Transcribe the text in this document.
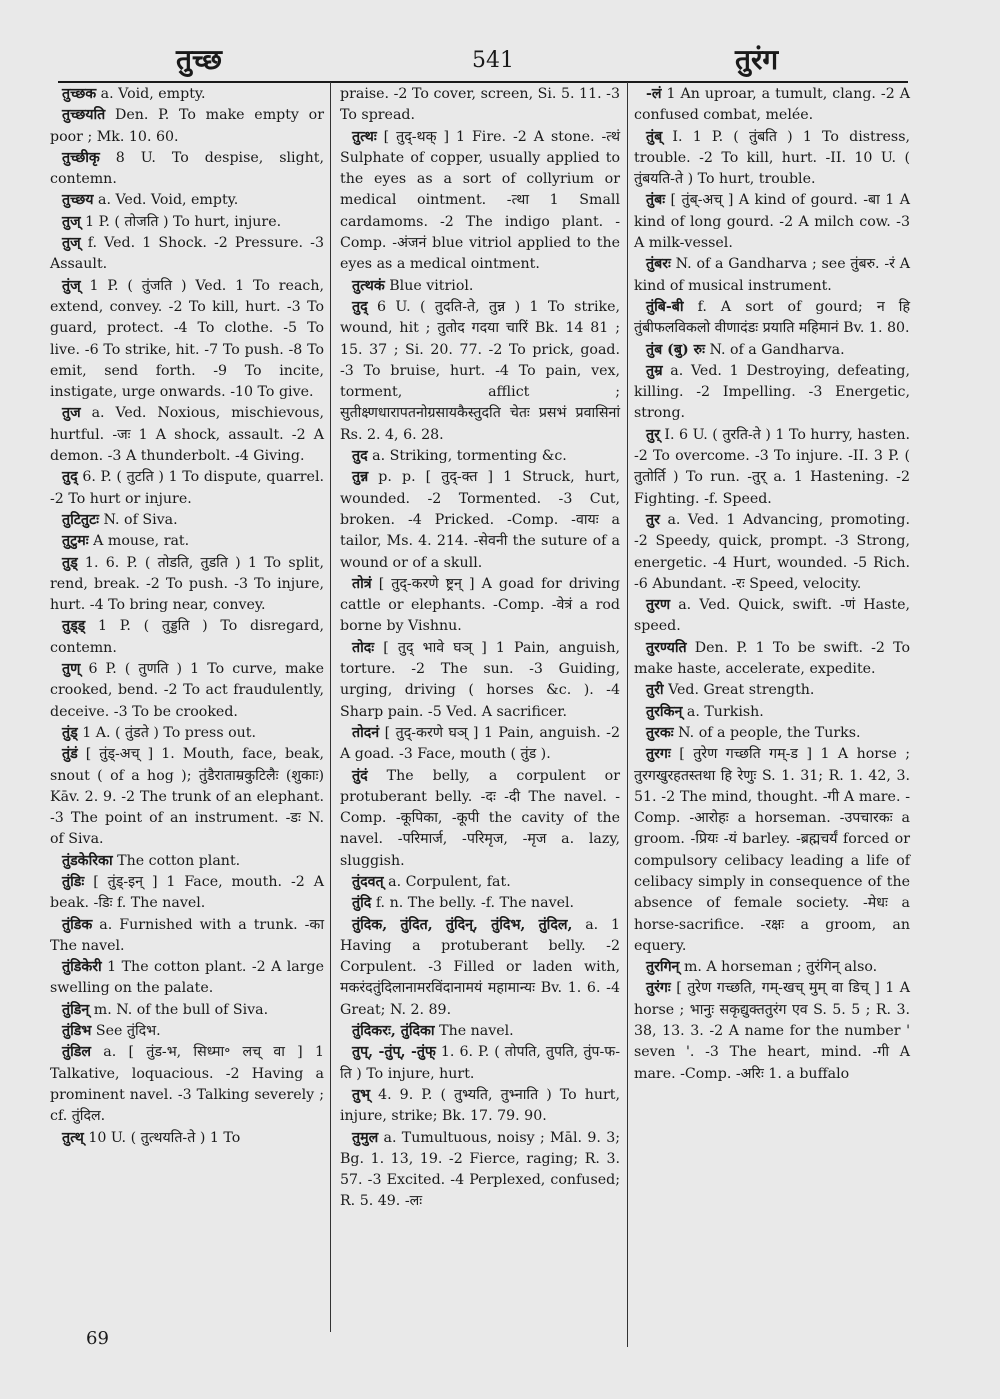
तुच्छ	541	तुरंग

तुच्छक a. Void, empty.

तुच्छयति Den. P. To make empty or poor ; Mk. 10. 60.

तुच्छीकृ 8 U. To despise, slight, contemn.

तुच्छय a. Ved. Void, empty.

तुज् 1 P. ( तोजति ) To hurt, injure.

तुज् f. Ved. 1 Shock. -2 Pressure. -3 Assault.

तुंज् 1 P. ( तुंजति ) Ved. 1 To reach, extend, convey. -2 To kill, hurt. -3 To guard, protect. -4 To clothe. -5 To live. -6 To strike, hit. -7 To push. -8 To emit, send forth. -9 To incite, instigate, urge onwards. -10 To give.

तुज a. Ved. Noxious, mischievous, hurtful. -जः 1 A shock, assault. -2 A demon. -3 A thunderbolt. -4 Giving.

तुद् 6. P. ( तुटति ) 1 To dispute, quarrel. -2 To hurt or injure.

तुटितुटः N. of Siva.

तुटुमः A mouse, rat.

तुड् 1. 6. P. ( तोडति, तुडति ) 1 To split, rend, break. -2 To push. -3 To injure, hurt. -4 To bring near, convey.

तुड्ड् 1 P. ( तुड्डति ) To disregard, contemn.

तुण् 6 P. ( तुणति ) 1 To curve, make crooked, bend. -2 To act fraudulently, deceive. -3 To be crooked.

तुंड् 1 A. ( तुंडते ) To press out.

तुंडं [ तुंड्-अच् ] 1. Mouth, face, beak, snout ( of a hog ); तुंडैराताम्रकुटिलैः (शुकाः) Kāv. 2. 9. -2 The trunk of an elephant. -3 The point of an instrument. -डः N. of Siva.

तुंडकेरिका The cotton plant.

तुंडिः [ तुंड्-इन् ] 1 Face, mouth. -2 A beak. -डिः f. The navel.

तुंडिक a. Furnished with a trunk. -का The navel.

तुंडिकेरी 1 The cotton plant. -2 A large swelling on the palate.

तुंडिन् m. N. of the bull of Siva.

तुंडिभ See तुंदिभ.

तुंडिल a. [ तुंड-भ, सिध्मा॰ लच् वा ] 1 Talkative, loquacious. -2 Having a prominent navel. -3 Talking severely ; cf. तुंदिल.

तुत्थ् 10 U. ( तुत्थयति-ते ) 1 To

praise. -2 To cover, screen, Si. 5. 11. -3 To spread.

तुत्थः [ तुद्-थक् ] 1 Fire. -2 A stone. -त्थं Sulphate of copper, usually applied to the eyes as a sort of collyrium or medical ointment. -त्था 1 Small cardamoms. -2 The indigo plant. -Comp. -अंजनं blue vitriol applied to the eyes as a medical ointment.

तुत्थकं Blue vitriol.

तुद् 6 U. ( तुदति-ते, तुन्न ) 1 To strike, wound, hit ; तुतोद गदया चारिं Bk. 14 81 ; 15. 37 ; Si. 20. 77. -2 To prick, goad. -3 To bruise, hurt. -4 To pain, vex, torment, afflict ; सुतीक्ष्णधारापतनोग्रसायकैस्तुदति चेतः प्रसभं प्रवासिनां Rs. 2. 4, 6. 28.

तुद a. Striking, tormenting &c.

तुन्न p. p. [ तुद्-क्त ] 1 Struck, hurt, wounded. -2 Tormented. -3 Cut, broken. -4 Pricked. -Comp. -वायः a tailor, Ms. 4. 214. -सेवनी the suture of a wound or of a skull.

तोत्रं [ तुद्-करणे ष्ट्रन् ] A goad for driving cattle or elephants. -Comp. -वेत्रं a rod borne by Vishnu.

तोदः [ तुद् भावे घञ् ] 1 Pain, anguish, torture. -2 The sun. -3 Guiding, urging, driving ( horses &c. ). -4 Sharp pain. -5 Ved. A sacrificer.

तोदनं [ तुद्-करणे घञ् ] 1 Pain, anguish. -2 A goad. -3 Face, mouth ( तुंड ).

तुंदं The belly, a corpulent or protuberant belly. -दः -दी The navel. -Comp. -कूपिका, -कूपी the cavity of the navel. -परिमार्ज, -परिमृज, -मृज a. lazy, sluggish.

तुंदवत् a. Corpulent, fat.

तुंदि f. n. The belly. -f. The navel.

तुंदिक, तुंदित, तुंदिन्, तुंदिभ, तुंदिल, a. 1 Having a protuberant belly. -2 Corpulent. -3 Filled or laden with, मकरंदतुंदिलानामरविंदानामयं महामान्यः Bv. 1. 6. -4 Great; N. 2. 89.

तुंदिकरः, तुंदिका The navel.

तुप्, -तुंप्, -तुंफ् 1. 6. P. ( तोपति, तुपति, तुंप-फ-ति ) To injure, hurt.

तुभ् 4. 9. P. ( तुभ्यति, तुभ्नाति ) To hurt, injure, strike; Bk. 17. 79. 90.

तुमुल a. Tumultuous, noisy ; Māl. 9. 3; Bg. 1. 13, 19. -2 Fierce, raging; R. 3. 57. -3 Excited. -4 Perplexed, confused; R. 5. 49. -लः

-लं 1 An uproar, a tumult, clang. -2 A confused combat, melée.

तुंब् I. 1 P. ( तुंबति ) 1 To distress, trouble. -2 To kill, hurt. -II. 10 U. ( तुंबयति-ते ) To hurt, trouble.

तुंबः [ तुंब्-अच् ] A kind of gourd. -बा 1 A kind of long gourd. -2 A milch cow. -3 A milk-vessel.

तुंबरः N. of a Gandharva ; see तुंबरु. -रं A kind of musical instrument.

तुंबि-बी f. A sort of gourd; न हि तुंबीफलविकलो वीणादंडः प्रयाति महिमानं Bv. 1. 80.

तुंब (बु) रुः N. of a Gandharva.

तुम्र a. Ved. 1 Destroying, defeating, killing. -2 Impelling. -3 Energetic, strong.

तुर् I. 6 U. ( तुरति-ते ) 1 To hurry, hasten. -2 To overcome. -3 To injure. -II. 3 P. ( तुतोर्ति ) To run. -तुर् a. 1 Hastening. -2 Fighting. -f. Speed.

तुर a. Ved. 1 Advancing, promoting. -2 Speedy, quick, prompt. -3 Strong, energetic. -4 Hurt, wounded. -5 Rich. -6 Abundant. -रः Speed, velocity.

तुरण a. Ved. Quick, swift. -णं Haste, speed.

तुरण्यति Den. P. 1 To be swift. -2 To make haste, accelerate, expedite.

तुरी Ved. Great strength.

तुरकिन् a. Turkish.

तुरकः N. of a people, the Turks.

तुरगः [ तुरेण गच्छति गम्-ड ] 1 A horse ; तुरगखुरहतस्तथा हि रेणुः S. 1. 31; R. 1. 42, 3. 51. -2 The mind, thought. -गी A mare. -Comp. -आरोहः a horseman. -उपचारकः a groom. -प्रियः -यं barley. -ब्रह्मचर्यं forced or compulsory celibacy leading a life of celibacy simply in consequence of the absence of female society. -मेधः a horse-sacrifice. -रक्षः a groom, an equery.

तुरगिन् m. A horseman ; तुरंगिन् also.

तुरंगः [ तुरेण गच्छति, गम्-खच् मुम् वा डिच् ] 1 A horse ; भानुः सकृद्युक्ततुरंग एव S. 5. 5 ; R. 3. 38, 13. 3. -2 A name for the number ' seven '. -3 The heart, mind. -गी A mare. -Comp. -अरिः 1. a buffalo

69
